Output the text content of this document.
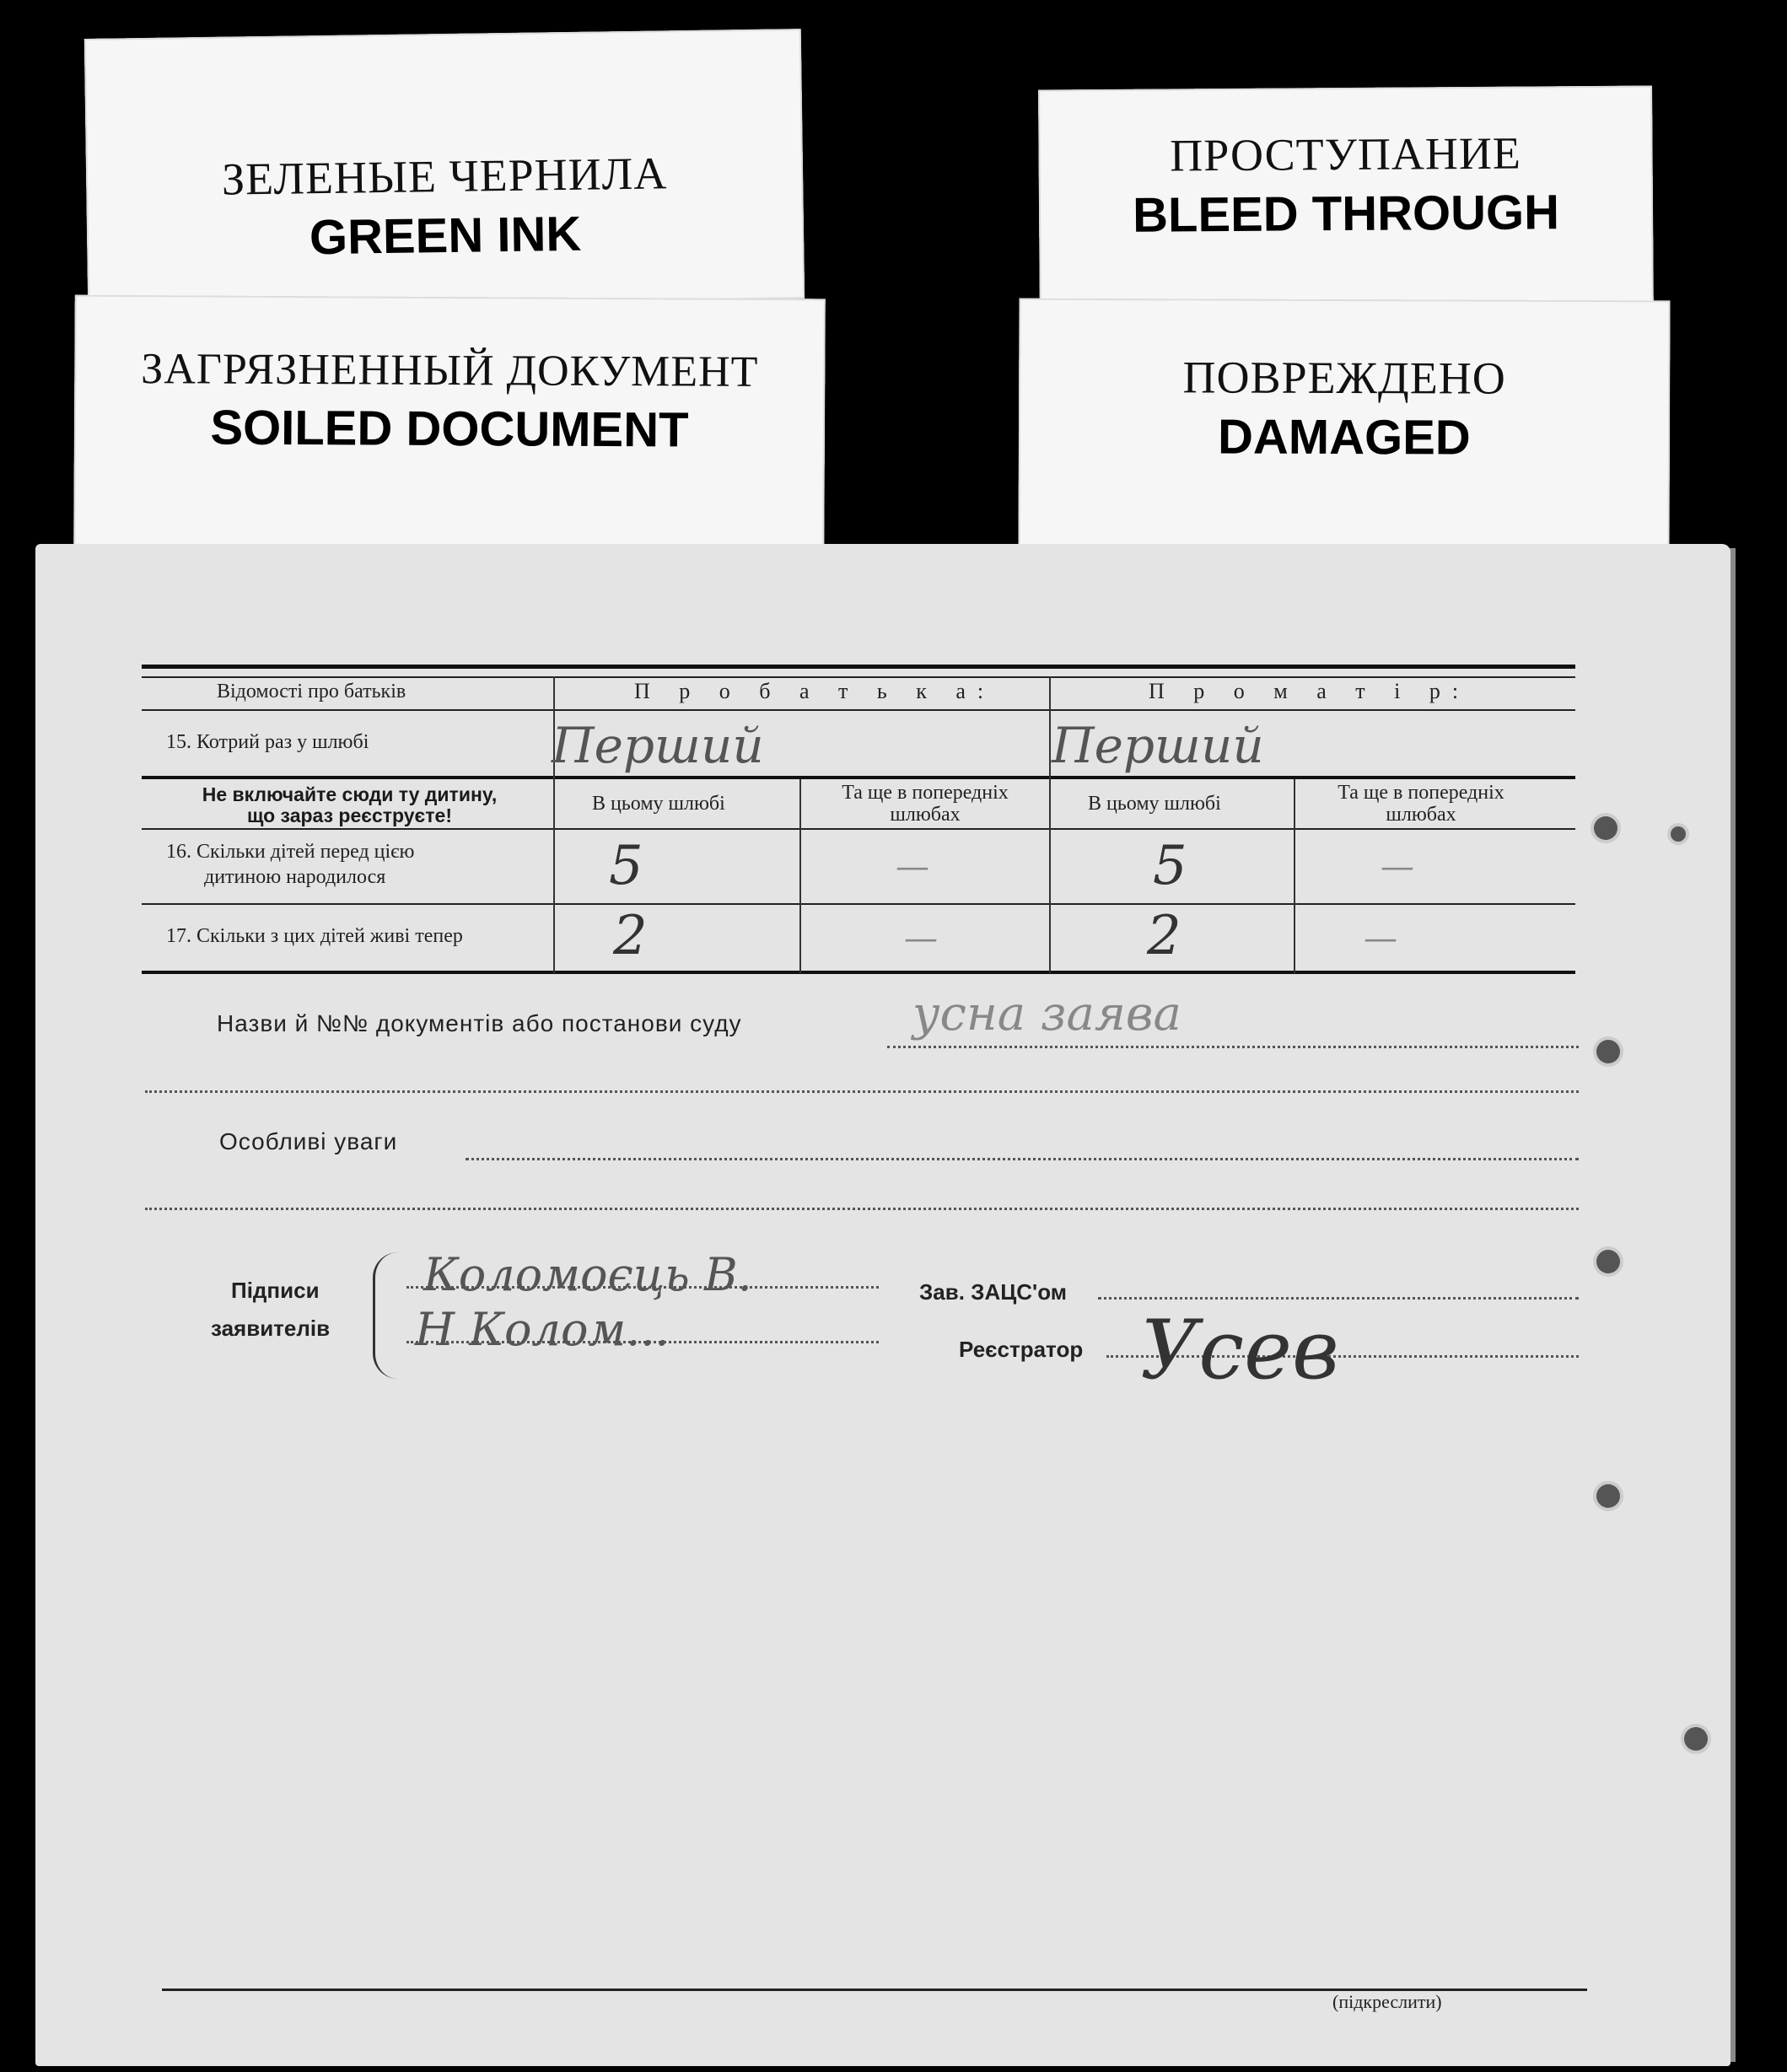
ЗЕЛЕНЫЕ ЧЕРНИЛА
GREEN INK
ПРОСТУПАНИЕ
BLEED THROUGH
ЗАГРЯЗНЕННЫЙ ДОКУМЕНТ
SOILED DOCUMENT
ПОВРЕЖДЕНО
DAMAGED
Відомості про батьків	П р о б а т ь к а:	П р о м а т і р:
15. Котрий раз у шлюбі	Перший	Перший
Не включайте сюди ту дитину,
що зараз реєструєте!
В цьому шлюбі	Та ще в попередніх
шлюбах	В цьому шлюбі	Та ще в попередніх
шлюбах
16. Скільки дітей перед цією
дитиною народилося	5	—	5	—
17. Скільки з цих дітей живі тепер	2	—	2	—
Назви й №№ документів або постанови суду	усна заява
Особливі уваги
Підписи
заявителів
Коломоєць В.
Н Колом...
Зав. ЗАЦС'ом
Реєстратор Усев
(підкреслити)
